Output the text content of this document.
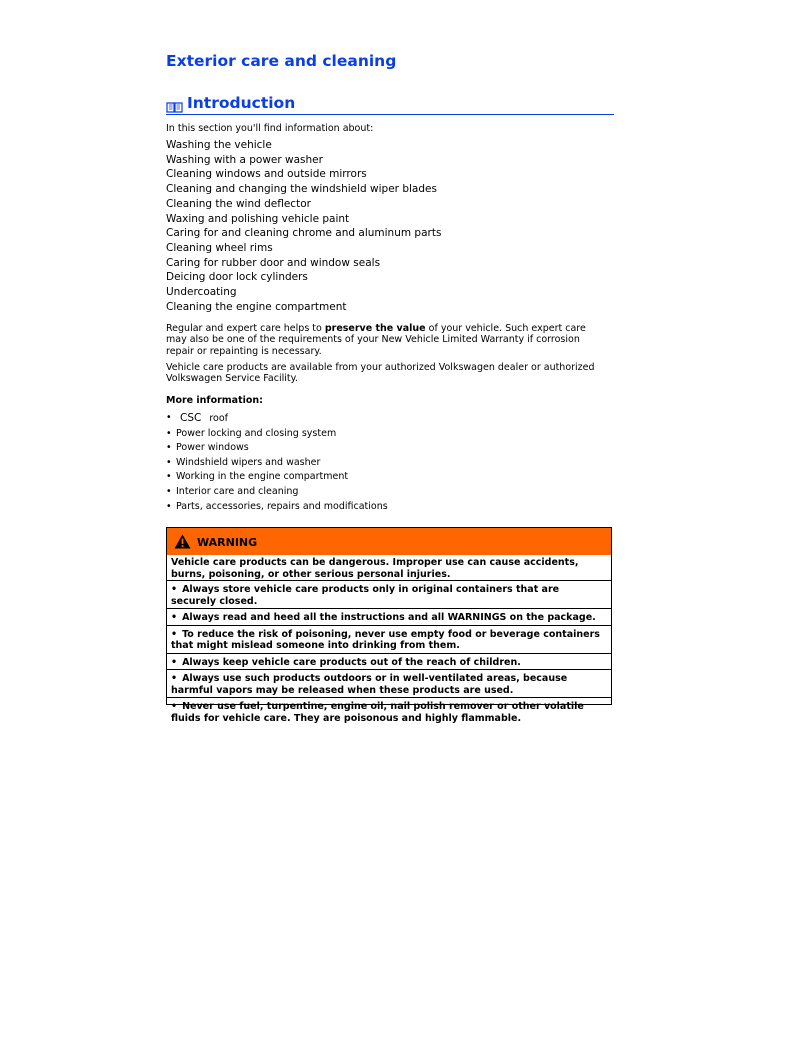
Exterior care and cleaning
Introduction
In this section you'll find information about:
Washing the vehicle
Washing with a power washer
Cleaning windows and outside mirrors
Cleaning and changing the windshield wiper blades
Cleaning the wind deflector
Waxing and polishing vehicle paint
Caring for and cleaning chrome and aluminum parts
Cleaning wheel rims
Caring for rubber door and window seals
Deicing door lock cylinders
Undercoating
Cleaning the engine compartment

Regular and expert care helps to preserve the value of your vehicle. Such expert care may also be one of the requirements of your New Vehicle Limited Warranty if corrosion repair or repainting is necessary.

Vehicle care products are available from your authorized Volkswagen dealer or authorized Volkswagen Service Facility.

More information:
• CSC roof
• Power locking and closing system
• Power windows
• Windshield wipers and washer
• Working in the engine compartment
• Interior care and cleaning
• Parts, accessories, repairs and modifications
WARNING

Vehicle care products can be dangerous. Improper use can cause accidents, burns, poisoning, or other serious personal injuries.

• Always store vehicle care products only in original containers that are securely closed.

• Always read and heed all the instructions and all WARNINGS on the package.

• To reduce the risk of poisoning, never use empty food or beverage containers that might mislead someone into drinking from them.

• Always keep vehicle care products out of the reach of children.

• Always use such products outdoors or in well-ventilated areas, because harmful vapors may be released when these products are used.

• Never use fuel, turpentine, engine oil, nail polish remover or other volatile fluids for vehicle care. They are poisonous and highly flammable.
